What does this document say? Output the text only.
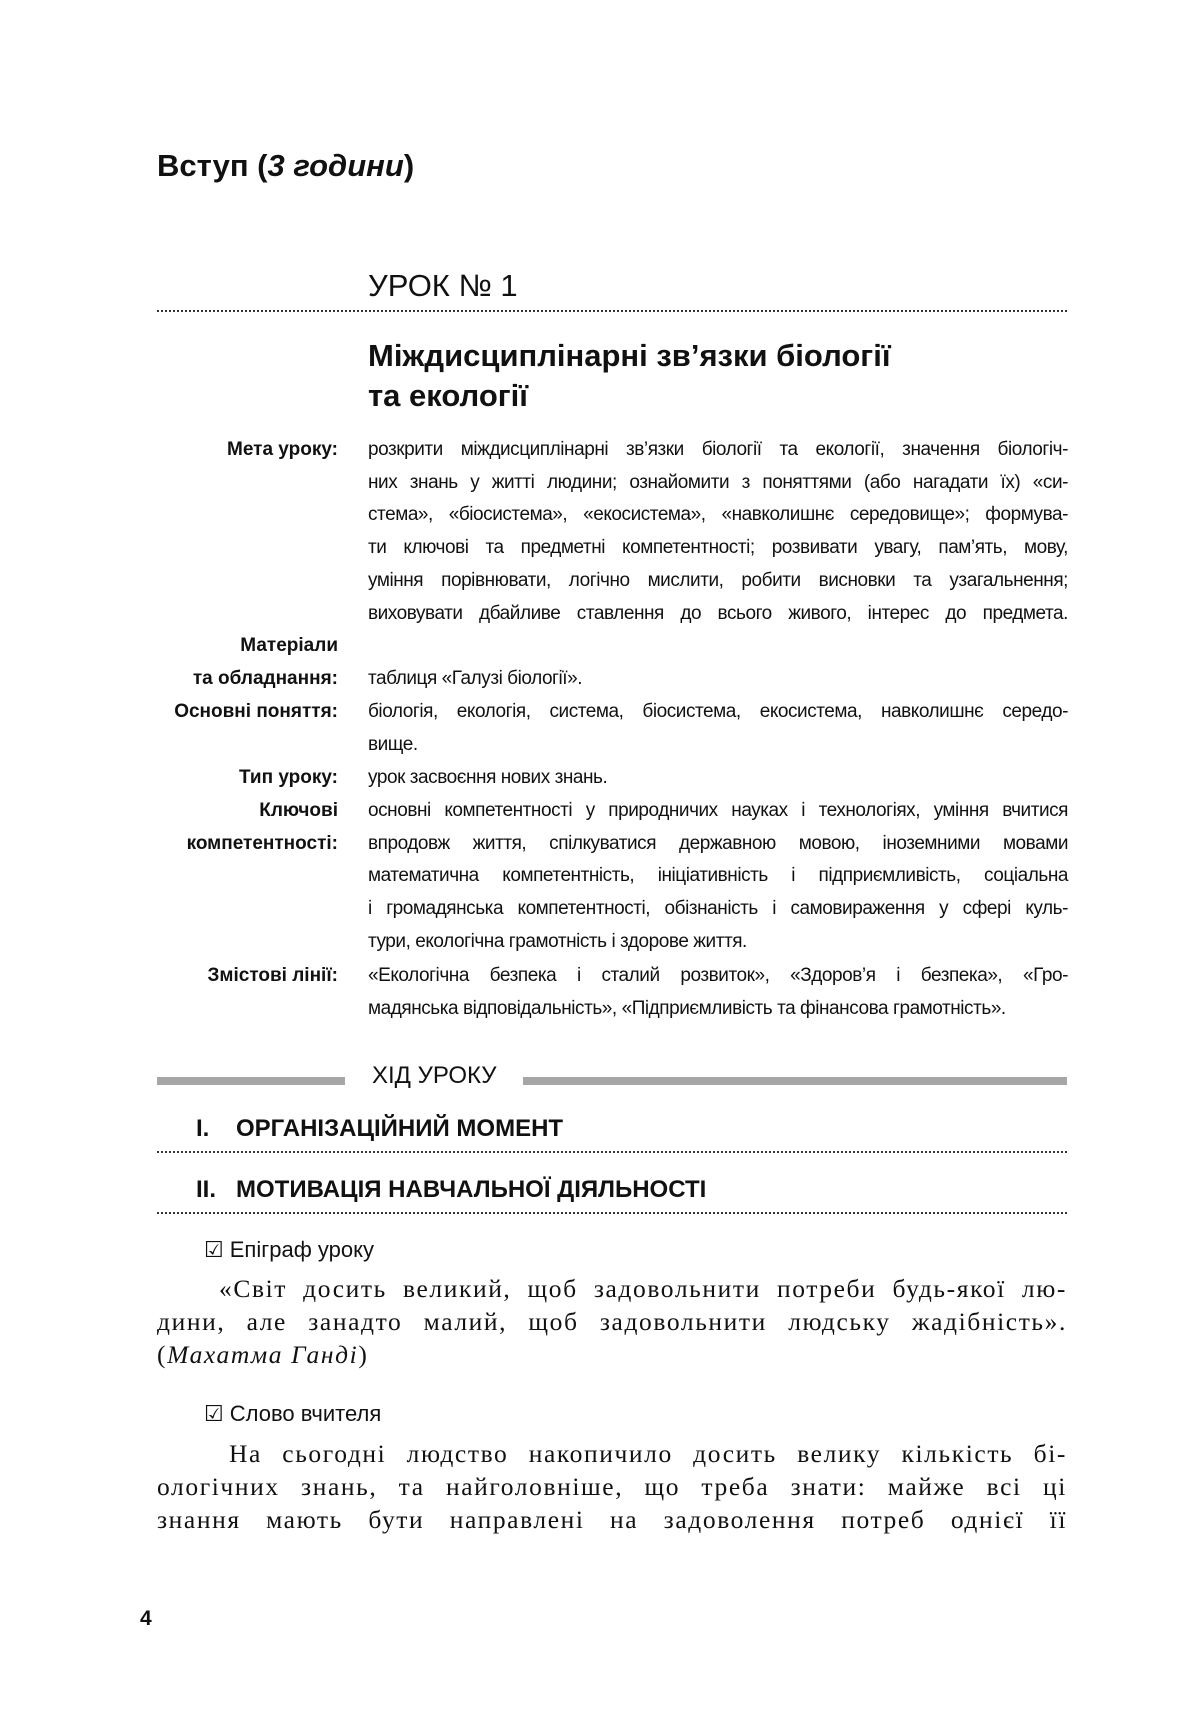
Вступ (3 години)
УРОК № 1
Міждисциплінарні зв’язки біології
та екології
Мета уроку: розкрити міждисциплінарні зв’язки біології та екології, значення біологіч-
них знань у житті людини; ознайомити з поняттями (або нагадати їх) «си-
стема», «біосистема», «екосистема», «навколишнє середовище»; формува-
ти ключові та предметні компетентності; розвивати увагу, пам’ять, мову,
уміння порівнювати, логічно мислити, робити висновки та узагальнення;
виховувати дбайливе ставлення до всього живого, інтерес до предмета.
Матеріали
та обладнання: таблиця «Галузі біології».
Основні поняття: біологія, екологія, система, біосистема, екосистема, навколишнє середо-
вище.
Тип уроку: урок засвоєння нових знань.
Ключові
компетентності:
основні компетентності у природничих науках і технологіях, уміння вчитися
впродовж життя, спілкуватися державною мовою, іноземними мовами
математична компетентність, ініціативність і підприємливість, соціальна
і громадянська компетентності, обізнаність і самовираження у сфері куль-
тури, екологічна грамотність і здорове життя.
Змістові лінії: «Екологічна безпека і сталий розвиток», «Здоров’я і безпека», «Гро-
мадянська відповідальність», «Підприємливість та фінансова грамотність».
ХІД УРОКУ
I. ОРГАНІЗАЦІЙНИЙ МОМЕНТ
II. МОТИВАЦІЯ НАВЧАЛЬНОЇ ДІЯЛЬНОСТІ
☑ Епіграф уроку
«Світ досить великий, щоб задовольнити потреби будь-якої лю-
дини, але занадто малий, щоб задовольнити людську жадібність».
(Махатма Ганді)
☑ Слово вчителя
На сьогодні людство накопичило досить велику кількість бі-
ологічних знань, та найголовніше, що треба знати: майже всі ці
знання мають бути направлені на задоволення потреб однієї її
4
